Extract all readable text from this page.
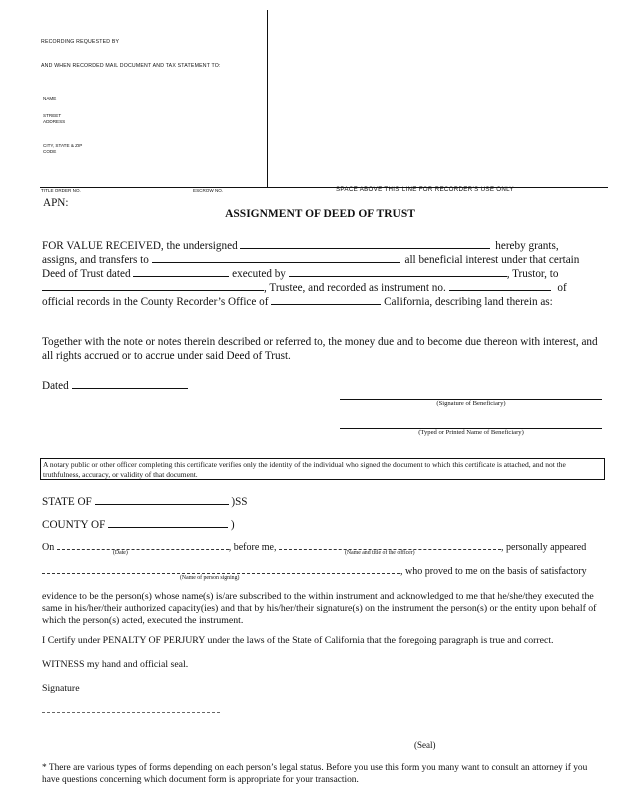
RECORDING REQUESTED BY
AND WHEN RECORDED MAIL DOCUMENT AND TAX STATEMENT TO:
NAME
STREET ADDRESS
CITY, STATE & ZIP CODE
TITLE ORDER NO.	ESCROW NO.	SPACE ABOVE THIS LINE FOR RECORDER’S USE ONLY
APN:
ASSIGNMENT OF DEED OF TRUST
FOR VALUE RECEIVED, the undersigned	hereby grants,
assigns, and transfers to	all beneficial interest under that certain
Deed of Trust dated	executed by	, Trustor, to
, Trustee, and recorded as instrument no.	of
official records in the County Recorder’s Office of	California, describing land therein as:
Together with the note or notes therein described or referred to, the money due and to become due thereon with interest, and all rights accrued or to accrue under said Deed of Trust.
Dated
(Signature of Beneficiary)
(Typed or Printed Name of Beneficiary)
A notary public or other officer completing this certificate verifies only the identity of the individual who signed the document to which this certificate is attached, and not the truthfulness, accuracy, or validity of that document.
STATE OF	)SS
COUNTY OF	)
On	, before me,	, personally appeared
(Date)	(Name and title of the officer)
, who proved to me on the basis of satisfactory
(Name of person signing)
evidence to be the person(s) whose name(s) is/are subscribed to the within instrument and acknowledged to me that he/she/they executed the same in his/her/their authorized capacity(ies) and that by his/her/their signature(s) on the instrument the person(s) or the entity upon behalf of which the person(s) acted, executed the instrument.
I Certify under PENALTY OF PERJURY under the laws of the State of California that the foregoing paragraph is true and correct.
WITNESS my hand and official seal.
Signature
(Seal)
* There are various types of forms depending on each person’s legal status. Before you use this form you many want to consult an attorney if you have questions concerning which document form is appropriate for your transaction.
